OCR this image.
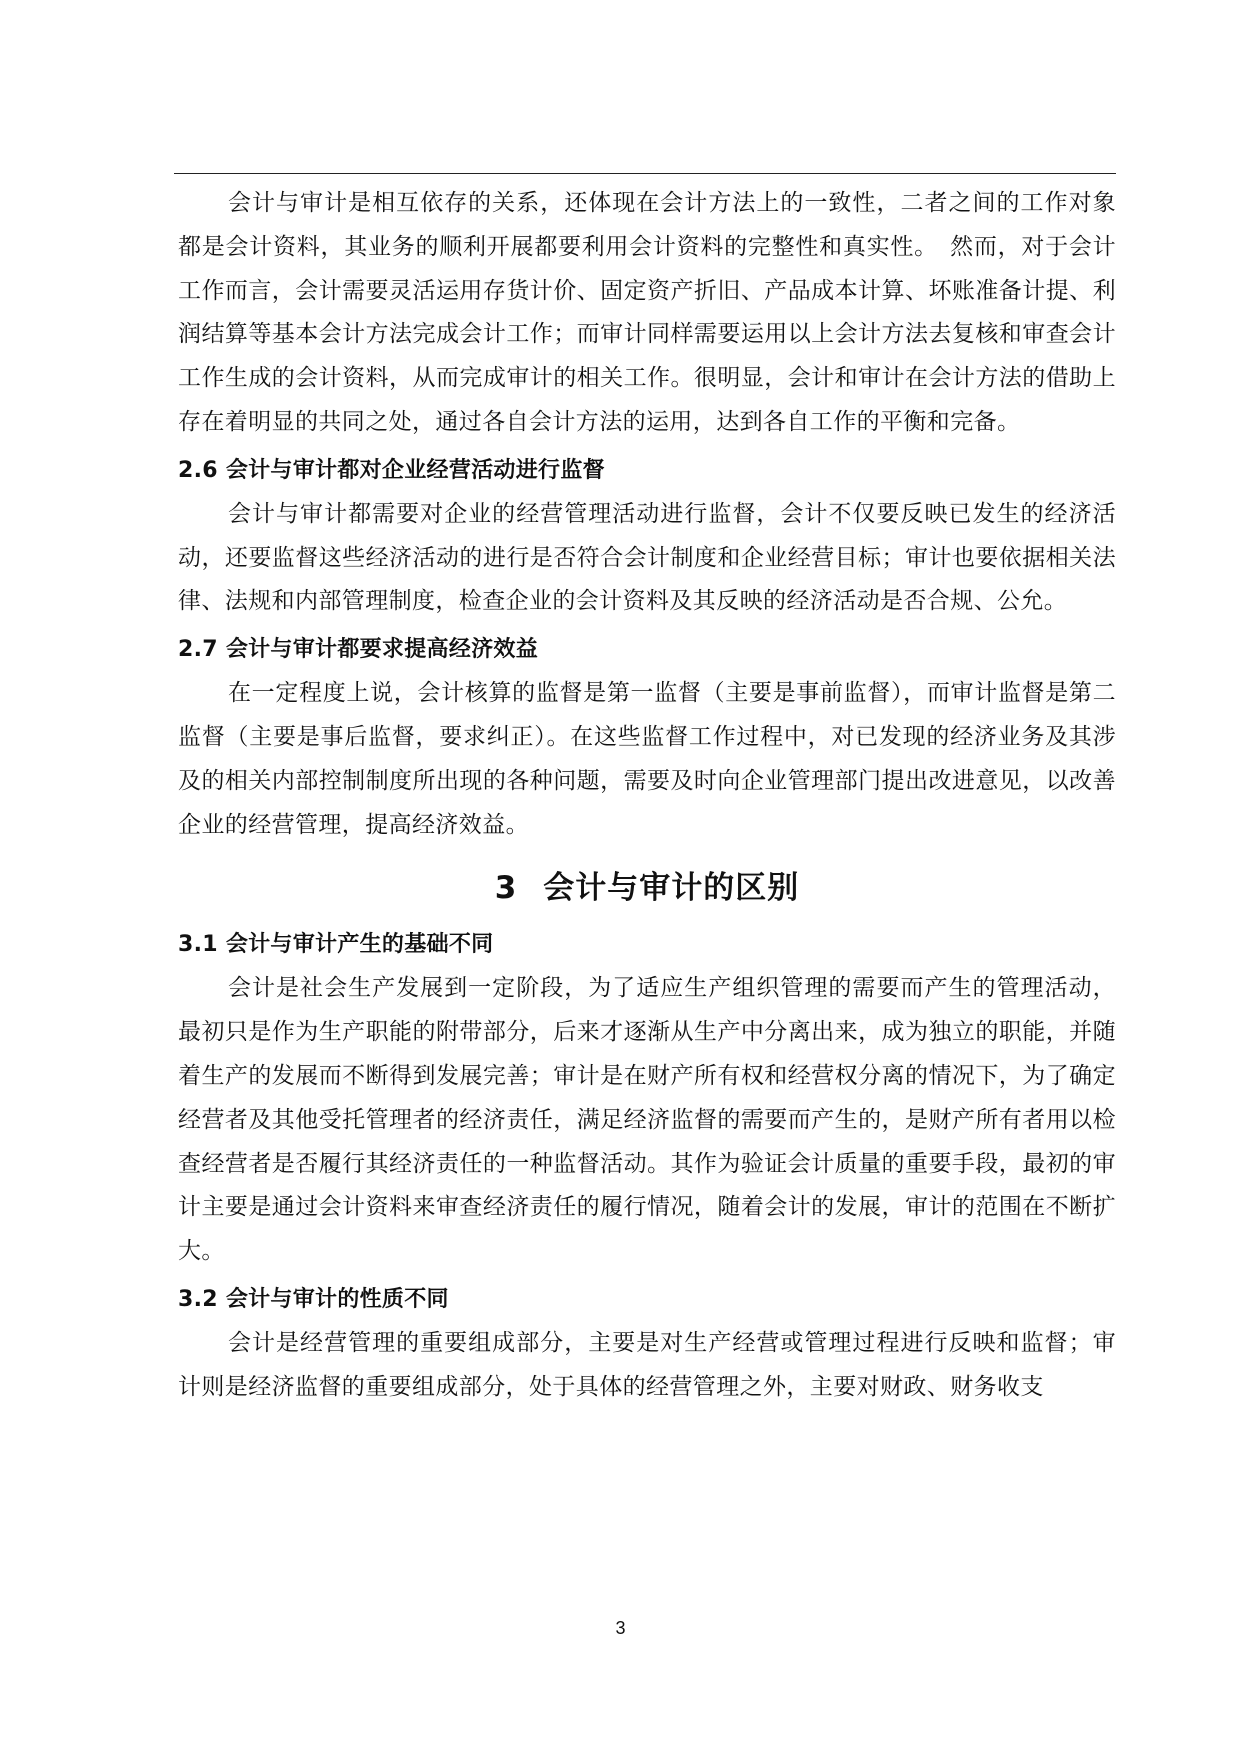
会计与审计是相互依存的关系，还体现在会计方法上的一致性，二者之间的工作对象都是会计资料，其业务的顺利开展都要利用会计资料的完整性和真实性。　然而，对于会计工作而言，会计需要灵活运用存货计价、固定资产折旧、产品成本计算、坏账准备计提、利润结算等基本会计方法完成会计工作；而审计同样需要运用以上会计方法去复核和审查会计工作生成的会计资料，从而完成审计的相关工作。很明显，会计和审计在会计方法的借助上存在着明显的共同之处，通过各自会计方法的运用，达到各自工作的平衡和完备。

2.6 会计与审计都对企业经营活动进行监督

会计与审计都需要对企业的经营管理活动进行监督，会计不仅要反映已发生的经济活动，还要监督这些经济活动的进行是否符合会计制度和企业经营目标；审计也要依据相关法律、法规和内部管理制度，检查企业的会计资料及其反映的经济活动是否合规、公允。

2.7 会计与审计都要求提高经济效益

在一定程度上说，会计核算的监督是第一监督（主要是事前监督），而审计监督是第二监督（主要是事后监督，要求纠正）。在这些监督工作过程中，对已发现的经济业务及其涉及的相关内部控制制度所出现的各种问题，需要及时向企业管理部门提出改进意见，以改善企业的经营管理，提高经济效益。

3 会计与审计的区别
3.1 会计与审计产生的基础不同

会计是社会生产发展到一定阶段，为了适应生产组织管理的需要而产生的管理活动，最初只是作为生产职能的附带部分，后来才逐渐从生产中分离出来，成为独立的职能，并随着生产的发展而不断得到发展完善；审计是在财产所有权和经营权分离的情况下，为了确定经营者及其他受托管理者的经济责任，满足经济监督的需要而产生的，是财产所有者用以检查经营者是否履行其经济责任的一种监督活动。其作为验证会计质量的重要手段，最初的审计主要是通过会计资料来审查经济责任的履行情况，随着会计的发展，审计的范围在不断扩大。

3.2 会计与审计的性质不同

会计是经营管理的重要组成部分，主要是对生产经营或管理过程进行反映和监督；审计则是经济监督的重要组成部分，处于具体的经营管理之外，主要对财政、财务收支

3
